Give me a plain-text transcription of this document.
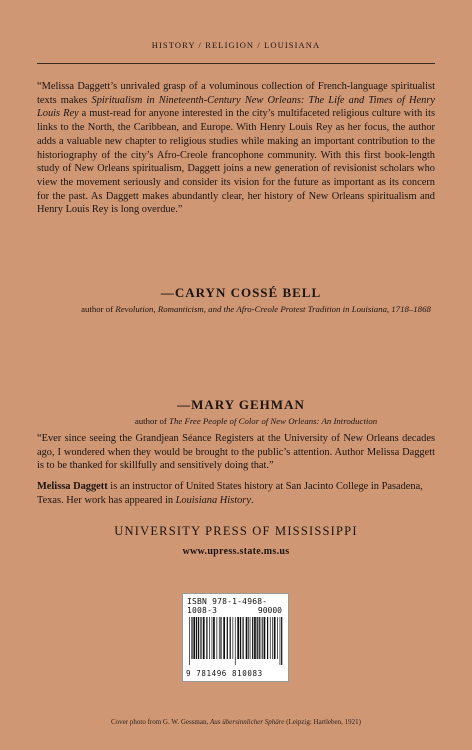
HISTORY / RELIGION / LOUISIANA
“Melissa Daggett’s unrivaled grasp of a voluminous collection of French-language spiritualist texts makes Spiritualism in Nineteenth-Century New Orleans: The Life and Times of Henry Louis Rey a must-read for anyone interested in the city’s multifaceted religious culture with its links to the North, the Caribbean, and Europe. With Henry Louis Rey as her focus, the author adds a valuable new chapter to religious studies while making an important contribution to the historiography of the city’s Afro-Creole francophone community. With this first book-length study of New Orleans spiritualism, Daggett joins a new generation of revisionist scholars who view the movement seriously and consider its vision for the future as important as its concern for the past. As Daggett makes abundantly clear, her history of New Orleans spiritualism and Henry Louis Rey is long overdue.”
—CARYN COSSÉ BELL
author of Revolution, Romanticism, and the Afro-Creole Protest Tradition in Louisiana, 1718–1868
“Ever since seeing the Grandjean Séance Registers at the University of New Orleans decades ago, I wondered when they would be brought to the public’s attention. Author Melissa Daggett is to be thanked for skillfully and sensitively doing that.”
—MARY GEHMAN
author of The Free People of Color of New Orleans: An Introduction
Melissa Daggett is an instructor of United States history at San Jacinto College in Pasadena, Texas. Her work has appeared in Louisiana History.
UNIVERSITY PRESS OF MISSISSIPPI
www.upress.state.ms.us
ISBN 978-1-4968-1008-3	90000
9 781496 810083
Cover photo from G. W. Gessman, Aus übersinnlicher Sphäre (Leipzig: Hartleben, 1921)
